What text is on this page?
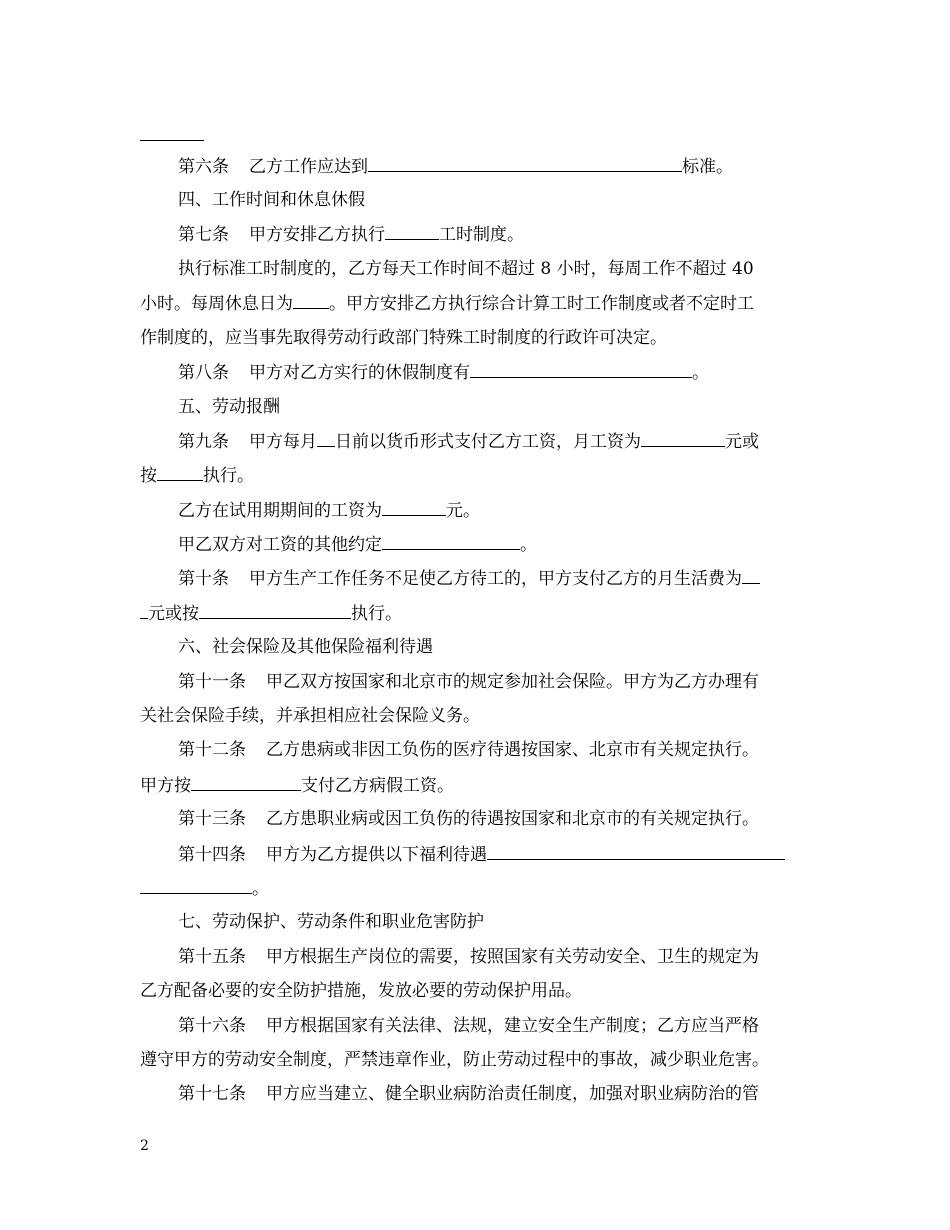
第六条 乙方工作应达到	标准。
四、工作时间和休息休假
第七条 甲方安排乙方执行	工时制度。
执行标准工时制度的，乙方每天工作时间不超过 8 小时，每周工作不超过 40
小时。每周休息日为 。甲方安排乙方执行综合计算工时工作制度或者不定时工
作制度的，应当事先取得劳动行政部门特殊工时制度的行政许可决定。
第八条 甲方对乙方实行的休假制度有	。
五、劳动报酬
第九条 甲方每月 日前以货币形式支付乙方工资，月工资为	元或
按	执行。
乙方在试用期期间的工资为	元。
甲乙双方对工资的其他约定	。
第十条 甲方生产工作任务不足使乙方待工的，甲方支付乙方的月生活费为
元或按	执行。
六、社会保险及其他保险福利待遇
第十一条 甲乙双方按国家和北京市的规定参加社会保险。甲方为乙方办理有
关社会保险手续，并承担相应社会保险义务。
第十二条 乙方患病或非因工负伤的医疗待遇按国家、北京市有关规定执行。
甲方按	支付乙方病假工资。
第十三条 乙方患职业病或因工负伤的待遇按国家和北京市的有关规定执行。
第十四条 甲方为乙方提供以下福利待遇
。
七、劳动保护、劳动条件和职业危害防护
第十五条 甲方根据生产岗位的需要，按照国家有关劳动安全、卫生的规定为
乙方配备必要的安全防护措施，发放必要的劳动保护用品。
第十六条 甲方根据国家有关法律、法规，建立安全生产制度；乙方应当严格
遵守甲方的劳动安全制度，严禁违章作业，防止劳动过程中的事故，减少职业危害。
第十七条 甲方应当建立、健全职业病防治责任制度，加强对职业病防治的管
2
